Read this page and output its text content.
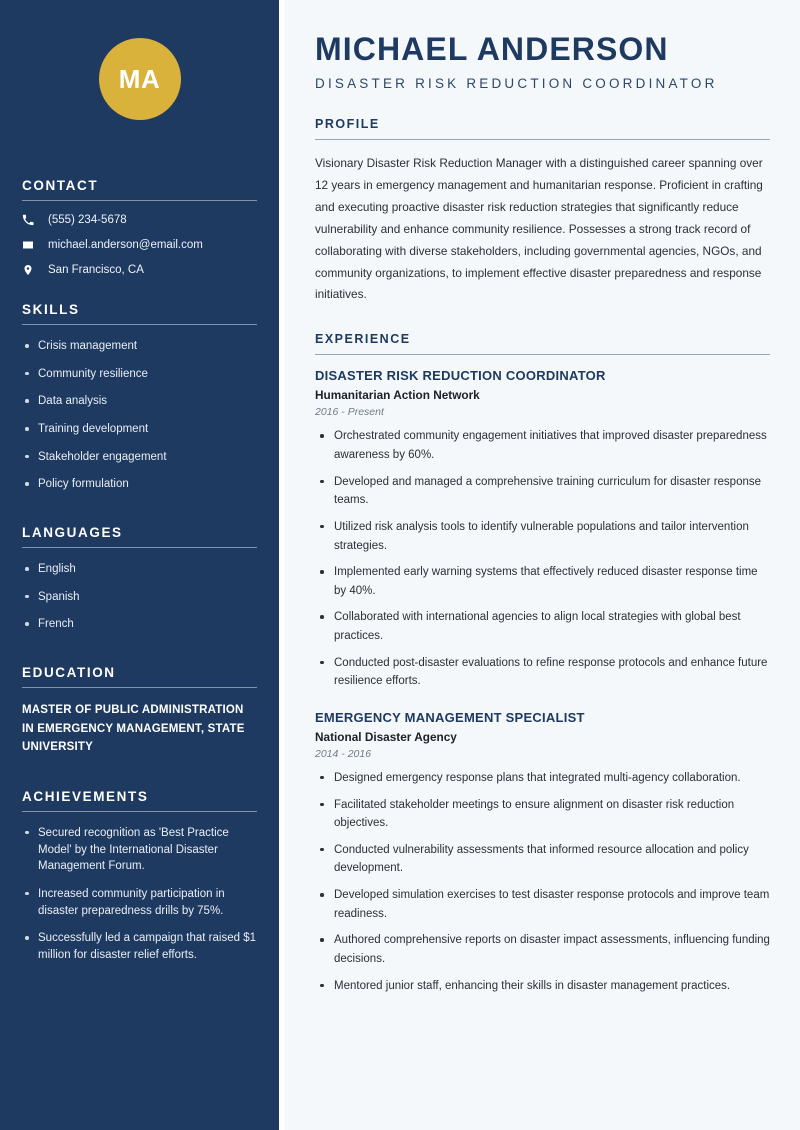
MA
CONTACT
(555) 234-5678
michael.anderson@email.com
San Francisco, CA
SKILLS
Crisis management
Community resilience
Data analysis
Training development
Stakeholder engagement
Policy formulation
LANGUAGES
English
Spanish
French
EDUCATION
MASTER OF PUBLIC ADMINISTRATION IN EMERGENCY MANAGEMENT, STATE UNIVERSITY
ACHIEVEMENTS
Secured recognition as 'Best Practice Model' by the International Disaster Management Forum.
Increased community participation in disaster preparedness drills by 75%.
Successfully led a campaign that raised $1 million for disaster relief efforts.
MICHAEL ANDERSON
DISASTER RISK REDUCTION COORDINATOR
PROFILE

Visionary Disaster Risk Reduction Manager with a distinguished career spanning over 12 years in emergency management and humanitarian response. Proficient in crafting and executing proactive disaster risk reduction strategies that significantly reduce vulnerability and enhance community resilience. Possesses a strong track record of collaborating with diverse stakeholders, including governmental agencies, NGOs, and community organizations, to implement effective disaster preparedness and response initiatives.

EXPERIENCE
DISASTER RISK REDUCTION COORDINATOR
Humanitarian Action Network
2016 - Present
Orchestrated community engagement initiatives that improved disaster preparedness awareness by 60%.
Developed and managed a comprehensive training curriculum for disaster response teams.
Utilized risk analysis tools to identify vulnerable populations and tailor intervention strategies.
Implemented early warning systems that effectively reduced disaster response time by 40%.
Collaborated with international agencies to align local strategies with global best practices.
Conducted post-disaster evaluations to refine response protocols and enhance future resilience efforts.
EMERGENCY MANAGEMENT SPECIALIST
National Disaster Agency
2014 - 2016
Designed emergency response plans that integrated multi-agency collaboration.
Facilitated stakeholder meetings to ensure alignment on disaster risk reduction objectives.
Conducted vulnerability assessments that informed resource allocation and policy development.
Developed simulation exercises to test disaster response protocols and improve team readiness.
Authored comprehensive reports on disaster impact assessments, influencing funding decisions.
Mentored junior staff, enhancing their skills in disaster management practices.
